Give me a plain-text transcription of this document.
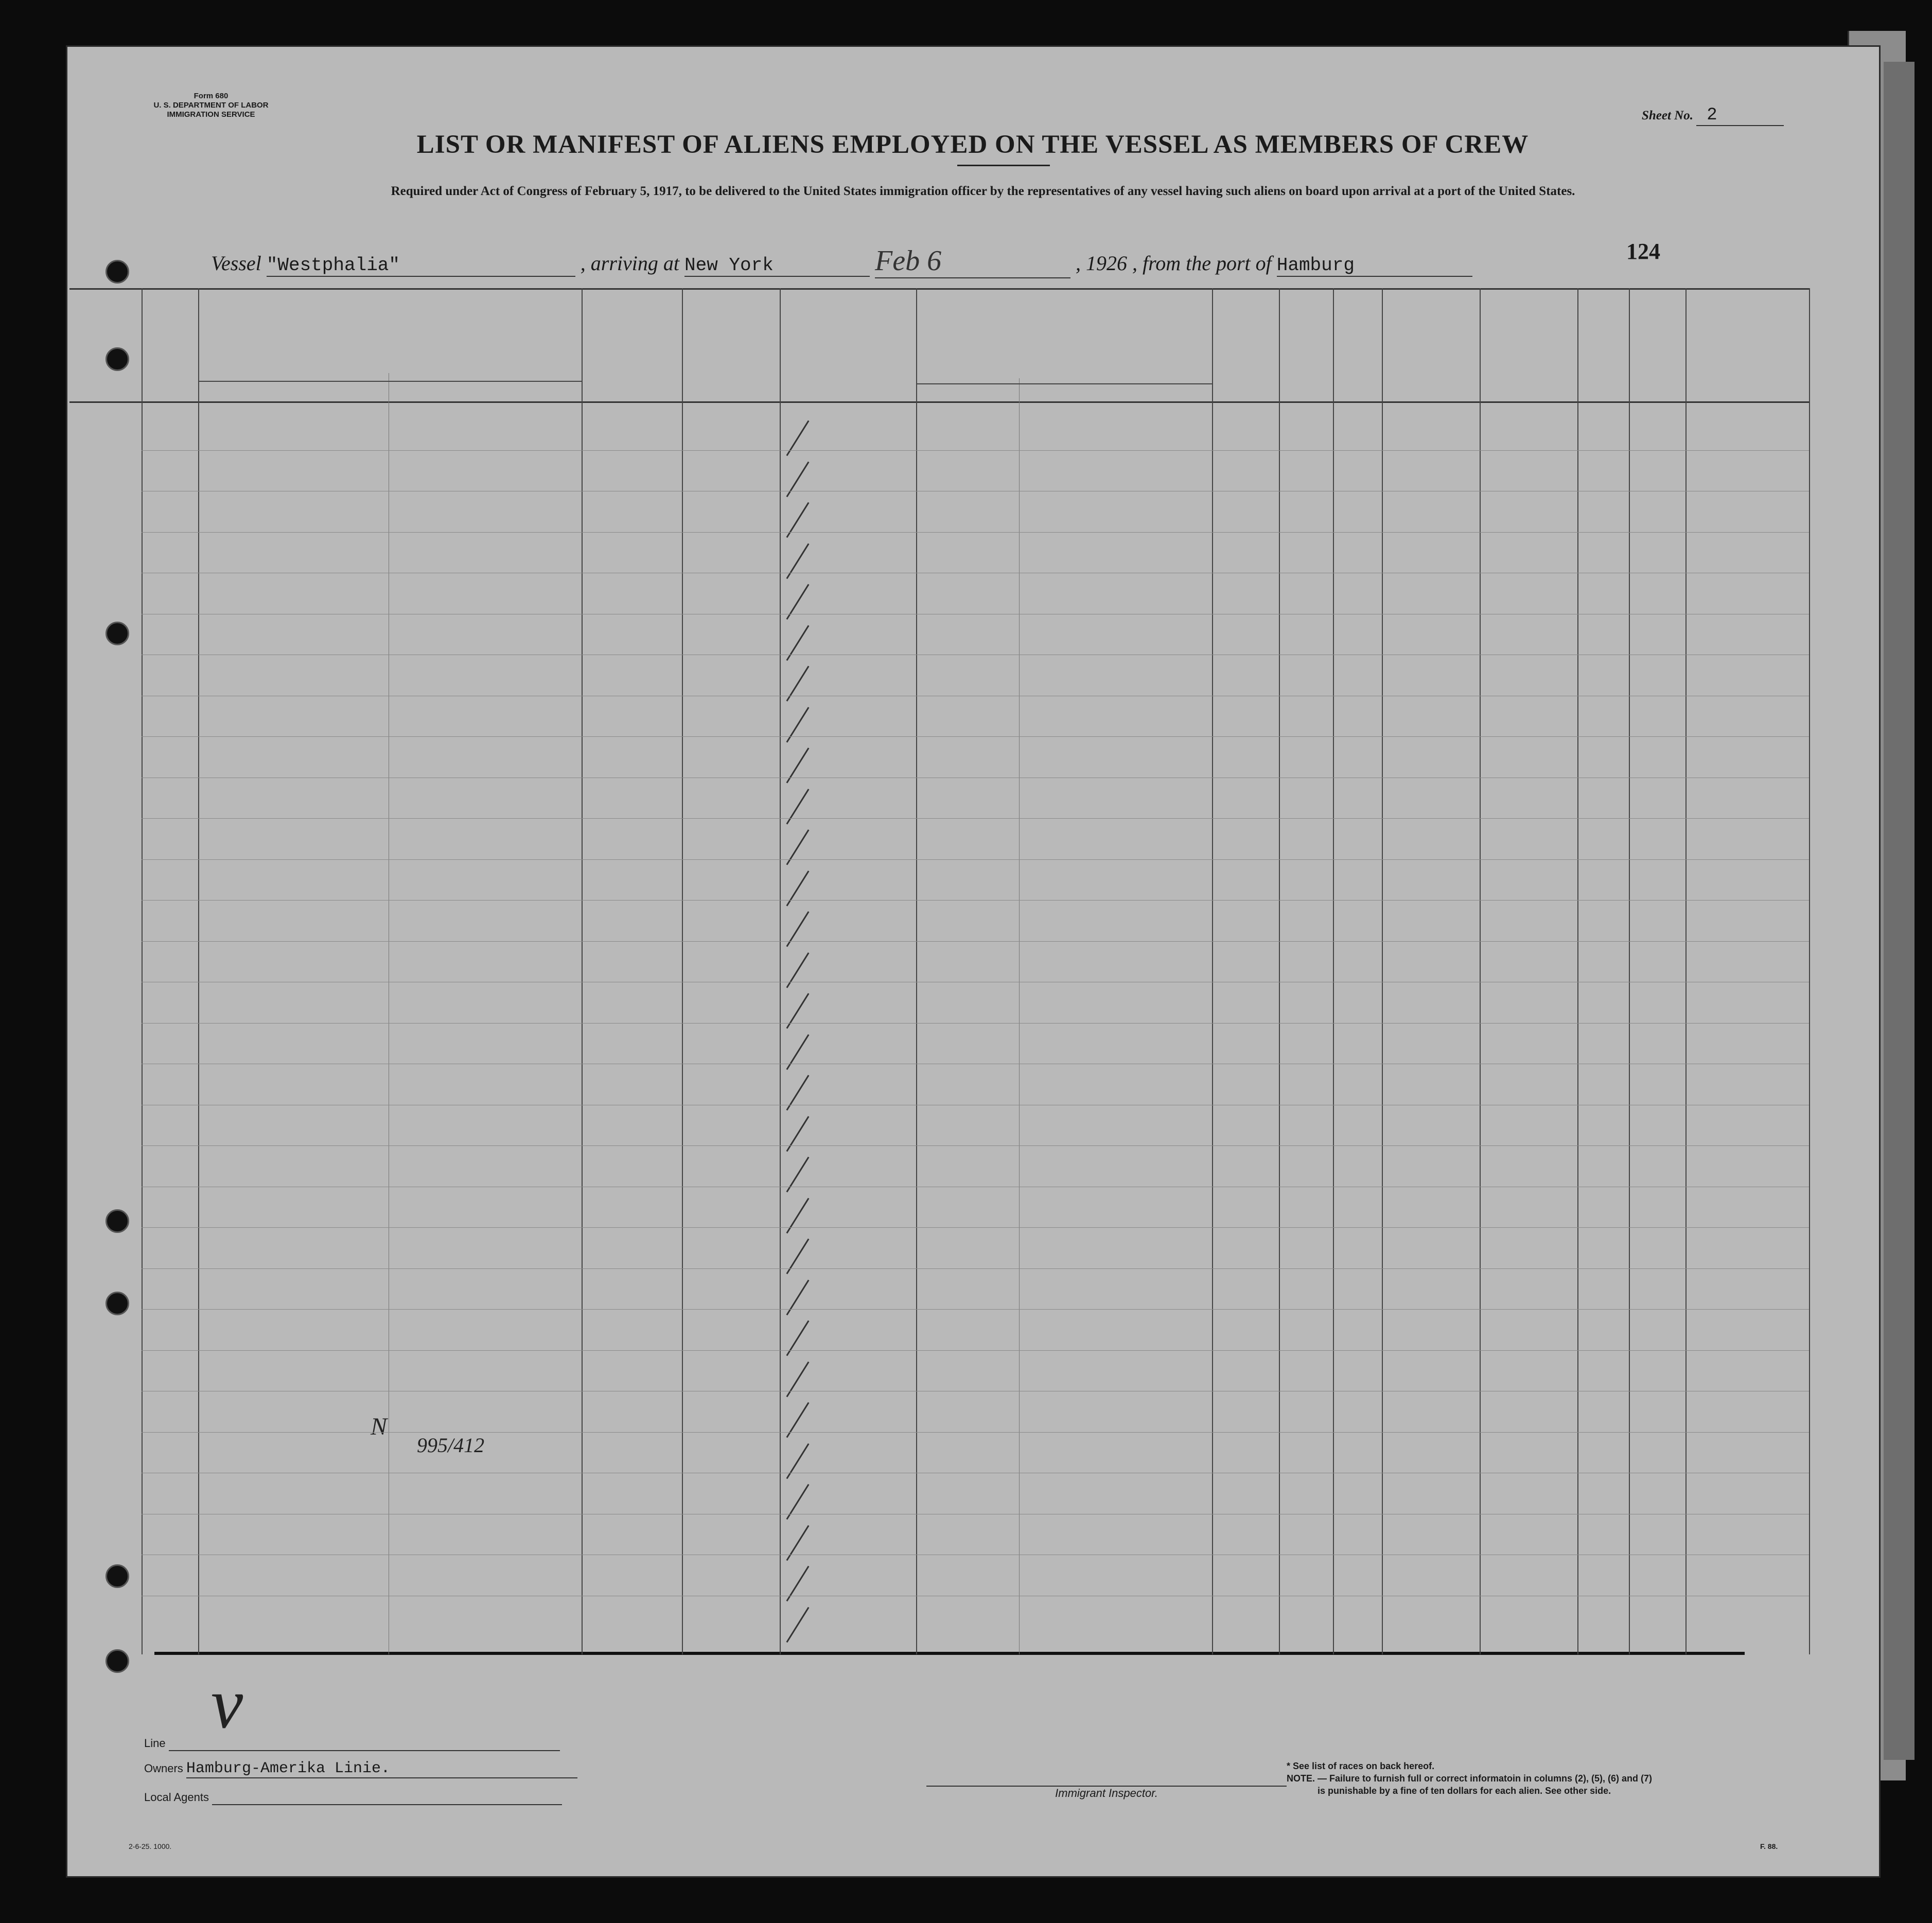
Form 680
U. S. DEPARTMENT OF LABOR
IMMIGRATION SERVICE	Sheet No. 2
LIST OR MANIFEST OF ALIENS EMPLOYED ON THE VESSEL AS MEMBERS OF CREW
Required under Act of Congress of February 5, 1917, to be delivered to the United States immigration officer by the representatives of any vessel having such aliens on board upon arrival at a port of the United States.
Vessel "Westphalia"	, arriving at New York	Feb 6	, 1926 , from the port of Hamburg
124
N
995/412
v
Line
Owners Hamburg-Amerika Linie.
Local Agents	Immigrant Inspector.
* See list of races on back hereof.
NOTE. — Failure to furnish full or correct informatoin in columns (2), (5), (6) and (7)
is punishable by a fine of ten dollars for each alien. See other side.
2-6-25. 1000.	F. 88.
